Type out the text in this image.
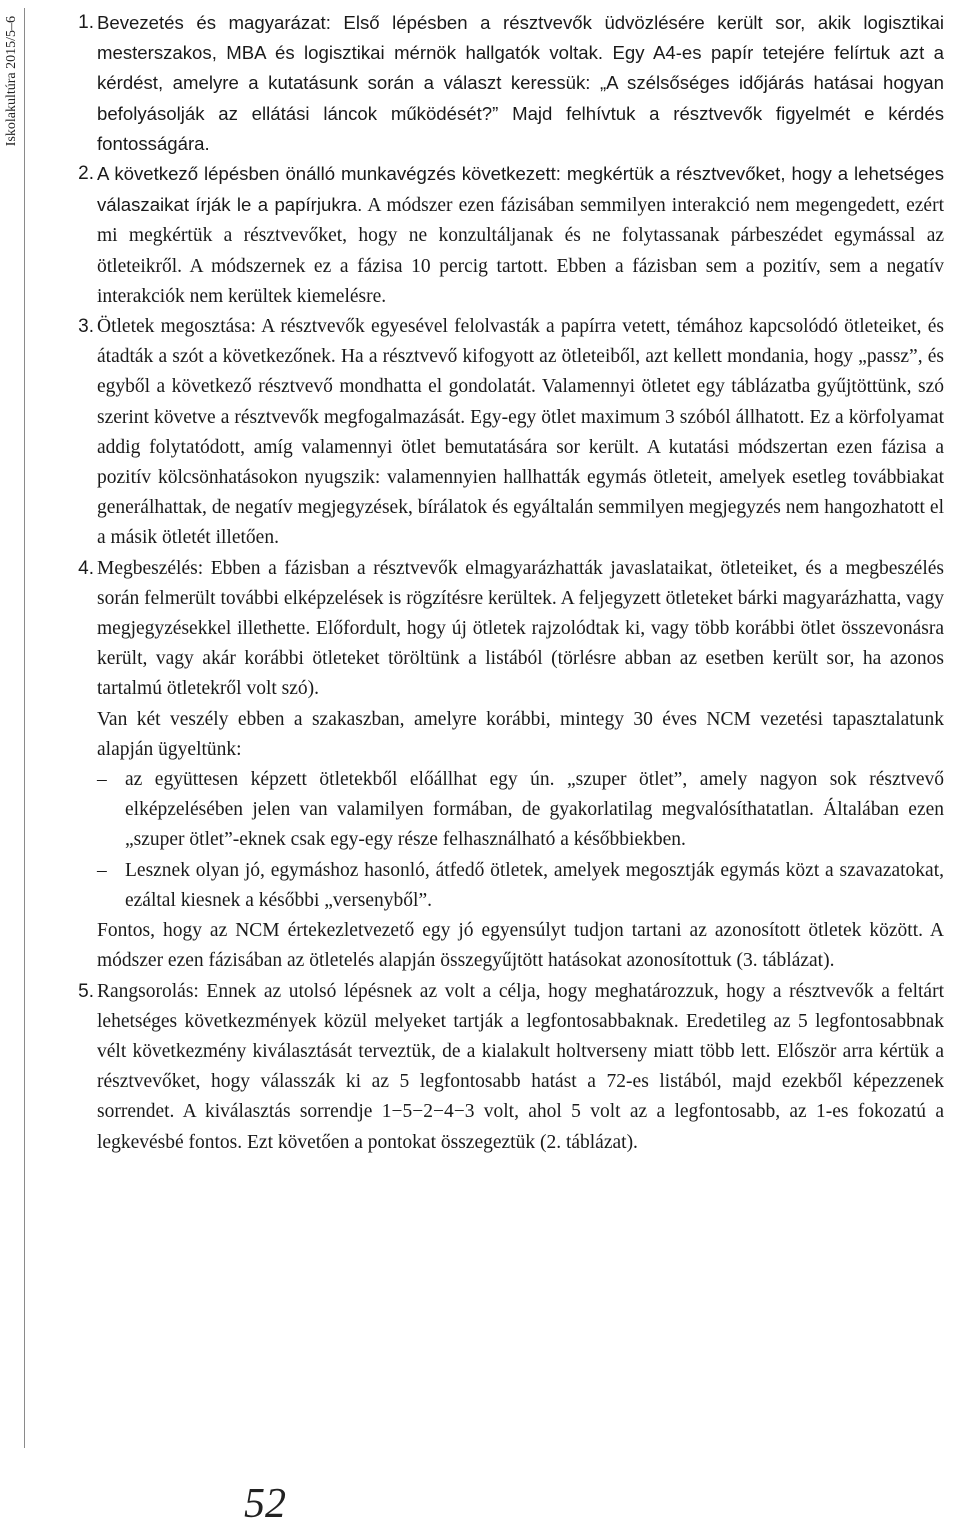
Iskolakultúra 2015/5–6	1. Bevezetés és magyarázat: Első lépésben a résztvevők üdvözlésére került sor, akik logisztikai mesterszakos, MBA és logisztikai mérnök hallgatók voltak. Egy A4-es papír tetejére felírtuk azt a kérdést, amelyre a kutatásunk során a választ keressük: „A szélsőséges időjárás hatásai hogyan befolyásolják az ellátási láncok működését?” Majd felhívtuk a résztvevők figyelmét e kérdés fontosságára.

2. A következő lépésben önálló munkavégzés következett: megkértük a résztvevőket, hogy a lehetséges válaszaikat írják le a papírjukra. A módszer ezen fázisában semmilyen interakció nem megengedett, ezért mi megkértük a résztvevőket, hogy ne konzultáljanak és ne folytassanak párbeszédet egymással az ötleteikről. A módszernek ez a fázisa 10 percig tartott. Ebben a fázisban sem a pozitív, sem a negatív interakciók nem kerültek kiemelésre.

3. Ötletek megosztása: A résztvevők egyesével felolvasták a papírra vetett, témához kapcsolódó ötleteiket, és átadták a szót a következőnek. Ha a résztvevő kifogyott az ötleteiből, azt kellett mondania, hogy „passz”, és egyből a következő résztvevő mondhatta el gondolatát. Valamennyi ötletet egy táblázatba gyűjtöttünk, szó szerint követve a résztvevők megfogalmazását. Egy-egy ötlet maximum 3 szóból állhatott. Ez a körfolyamat addig folytatódott, amíg valamennyi ötlet bemutatására sor került. A kutatási módszertan ezen fázisa a pozitív kölcsönhatásokon nyugszik: valamennyien hallhatták egymás ötleteit, amelyek esetleg továbbiakat generálhattak, de negatív megjegyzések, bírálatok és egyáltalán semmilyen megjegyzés nem hangozhatott el a másik ötletét illetően.

4. Megbeszélés: Ebben a fázisban a résztvevők elmagyarázhatták javaslataikat, ötleteiket, és a megbeszélés során felmerült további elképzelések is rögzítésre kerültek. A feljegyzett ötleteket bárki magyarázhatta, vagy megjegyzésekkel illethette. Előfordult, hogy új ötletek rajzolódtak ki, vagy több korábbi ötlet összevonásra került, vagy akár korábbi ötleteket töröltünk a listából (törlésre abban az esetben került sor, ha azonos tartalmú ötletekről volt szó).

Van két veszély ebben a szakaszban, amelyre korábbi, mintegy 30 éves NCM vezetési tapasztalatunk alapján ügyeltünk:

– az együttesen képzett ötletekből előállhat egy ún. „szuper ötlet”, amely nagyon sok résztvevő elképzelésében jelen van valamilyen formában, de gyakorlatilag megvalósíthatatlan. Általában ezen „szuper ötlet”-eknek csak egy-egy része felhasználható a későbbiekben.

– Lesznek olyan jó, egymáshoz hasonló, átfedő ötletek, amelyek megosztják egymás közt a szavazatokat, ezáltal kiesnek a későbbi „versenyből”.

Fontos, hogy az NCM értekezletvezető egy jó egyensúlyt tudjon tartani az azonosított ötletek között. A módszer ezen fázisában az ötletelés alapján összegyűjtött hatásokat azonosítottuk (3. táblázat).

5. Rangsorolás: Ennek az utolsó lépésnek az volt a célja, hogy meghatározzuk, hogy a résztvevők a feltárt lehetséges következmények közül melyeket tartják a legfontosabbaknak. Eredetileg az 5 legfontosabbnak vélt következmény kiválasztását terveztük, de a kialakult holtverseny miatt több lett. Először arra kértük a résztvevőket, hogy válasszák ki az 5 legfontosabb hatást a 72-es listából, majd ezekből képezzenek sorrendet. A kiválasztás sorrendje 1−5−2−4−3 volt, ahol 5 volt az a legfontosabb, az 1-es fokozatú a legkevésbé fontos. Ezt követően a pontokat összegeztük (2. táblázat).

52
